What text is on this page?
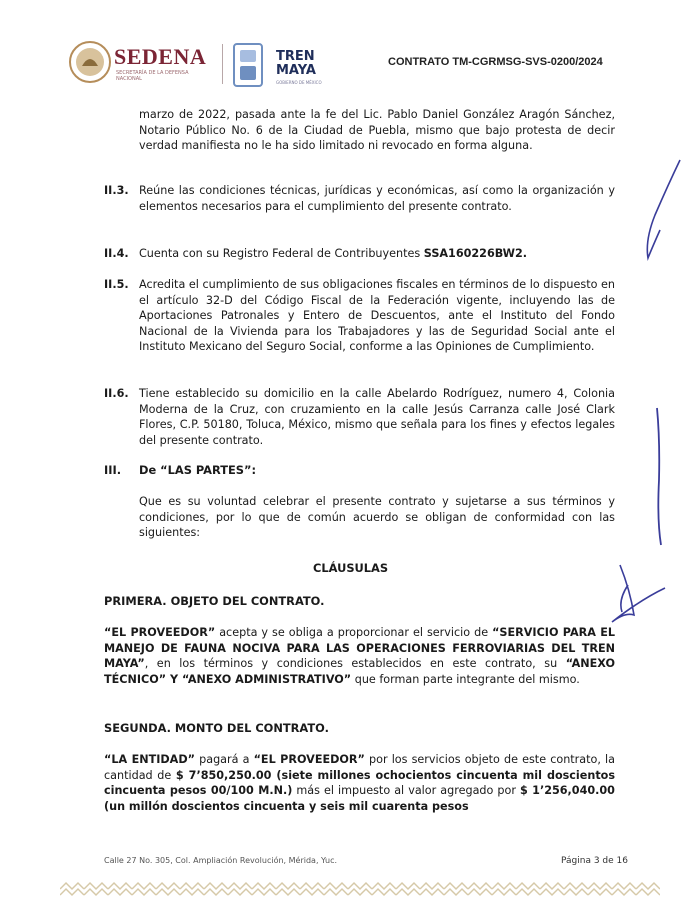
SEDENA
SECRETARÍA DE LA DEFENSA NACIONAL
TREN
MAYA
GOBIERNO DE MÉXICO
CONTRATO TM-CGRMSG-SVS-0200/2024

marzo de 2022, pasada ante la fe del Lic. Pablo Daniel González Aragón Sánchez, Notario Público No. 6 de la Ciudad de Puebla, mismo que bajo protesta de decir verdad manifiesta no le ha sido limitado ni revocado en forma alguna.

II.3. Reúne las condiciones técnicas, jurídicas y económicas, así como la organización y elementos necesarios para el cumplimiento del presente contrato.

II.4. Cuenta con su Registro Federal de Contribuyentes SSA160226BW2.

II.5. Acredita el cumplimiento de sus obligaciones fiscales en términos de lo dispuesto en el artículo 32-D del Código Fiscal de la Federación vigente, incluyendo las de Aportaciones Patronales y Entero de Descuentos, ante el Instituto del Fondo Nacional de la Vivienda para los Trabajadores y las de Seguridad Social ante el Instituto Mexicano del Seguro Social, conforme a las Opiniones de Cumplimiento.

II.6. Tiene establecido su domicilio en la calle Abelardo Rodríguez, numero 4, Colonia Moderna de la Cruz, con cruzamiento en la calle Jesús Carranza calle José Clark Flores, C.P. 50180, Toluca, México, mismo que señala para los fines y efectos legales del presente contrato.

III. De “LAS PARTES”:

Que es su voluntad celebrar el presente contrato y sujetarse a sus términos y condiciones, por lo que de común acuerdo se obligan de conformidad con las siguientes:

CLÁUSULAS
PRIMERA. OBJETO DEL CONTRATO.

“EL PROVEEDOR” acepta y se obliga a proporcionar el servicio de “SERVICIO PARA EL MANEJO DE FAUNA NOCIVA PARA LAS OPERACIONES FERROVIARIAS DEL TREN MAYA”, en los términos y condiciones establecidos en este contrato, su “ANEXO TÉCNICO” Y “ANEXO ADMINISTRATIVO” que forman parte integrante del mismo.

SEGUNDA. MONTO DEL CONTRATO.

“LA ENTIDAD” pagará a “EL PROVEEDOR” por los servicios objeto de este contrato, la cantidad de $ 7’850,250.00 (siete millones ochocientos cincuenta mil doscientos cincuenta pesos 00/100 M.N.) más el impuesto al valor agregado por $ 1’256,040.00 (un millón doscientos cincuenta y seis mil cuarenta pesos

Calle 27 No. 305, Col. Ampliación Revolución, Mérida, Yuc.	Página 3 de 16
